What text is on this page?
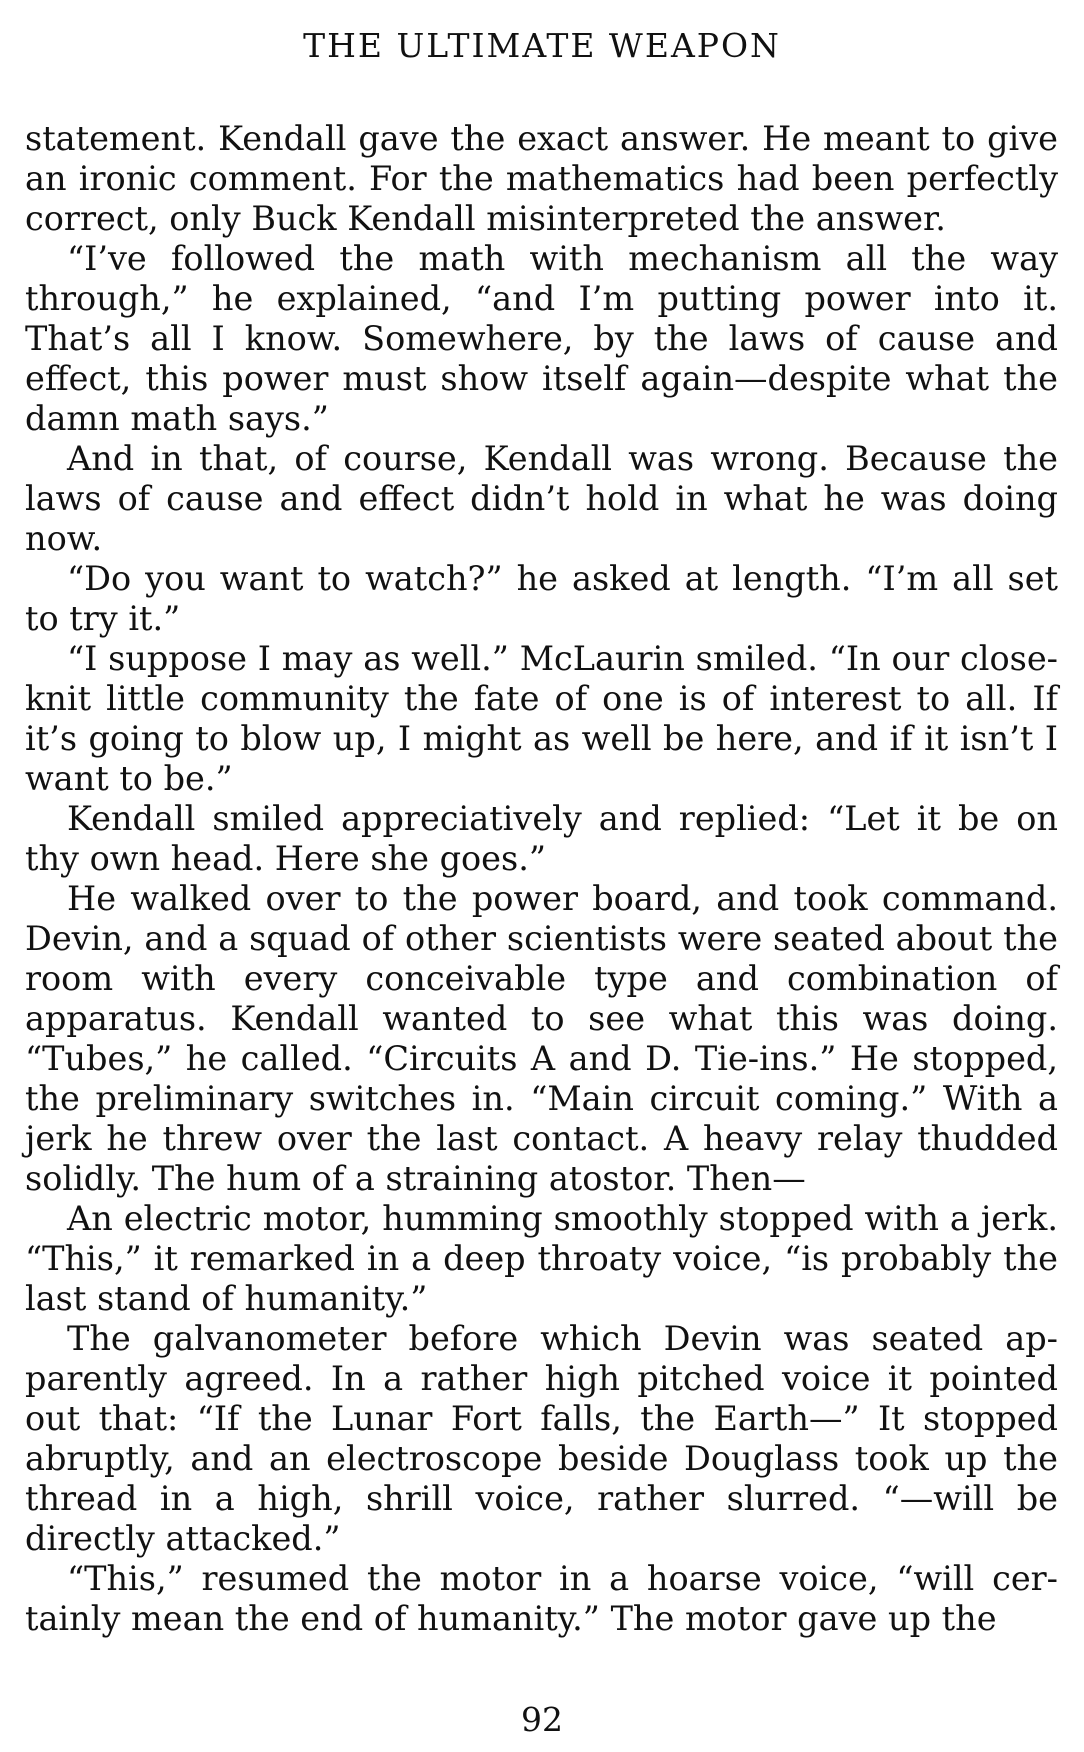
THE ULTIMATE WEAPON

statement. Kendall gave the exact answer. He meant to give an ironic comment. For the mathematics had been perfectly correct, only Buck Kendall misinterpreted the answer.

“I’ve followed the math with mechanism all the way through,” he explained, “and I’m putting power into it. That’s all I know. Somewhere, by the laws of cause and effect, this power must show itself again—despite what the damn math says.”

And in that, of course, Kendall was wrong. Because the laws of cause and effect didn’t hold in what he was doing now.

“Do you want to watch?” he asked at length. “I’m all set to try it.”

“I suppose I may as well.” McLaurin smiled. “In our closeknit little community the fate of one is of interest to all. If it’s going to blow up, I might as well be here, and if it isn’t I want to be.”

Kendall smiled appreciatively and replied: “Let it be on thy own head. Here she goes.”

He walked over to the power board, and took command. Devin, and a squad of other scientists were seated about the room with every conceivable type and combination of apparatus. Kendall wanted to see what this was doing. “Tubes,” he called. “Circuits A and D. Tie-ins.” He stopped, the preliminary switches in. “Main circuit coming.” With a jerk he threw over the last contact. A heavy relay thudded solidly. The hum of a straining atostor. Then—

An electric motor, humming smoothly stopped with a jerk. “This,” it remarked in a deep throaty voice, “is probably the last stand of humanity.”

The galvanometer before which Devin was seated apparently agreed. In a rather high pitched voice it pointed out that: “If the Lunar Fort falls, the Earth—” It stopped abruptly, and an electroscope beside Douglass took up the thread in a high, shrill voice, rather slurred. “—will be directly attacked.”

“This,” resumed the motor in a hoarse voice, “will certainly mean the end of humanity.” The motor gave up the

92
